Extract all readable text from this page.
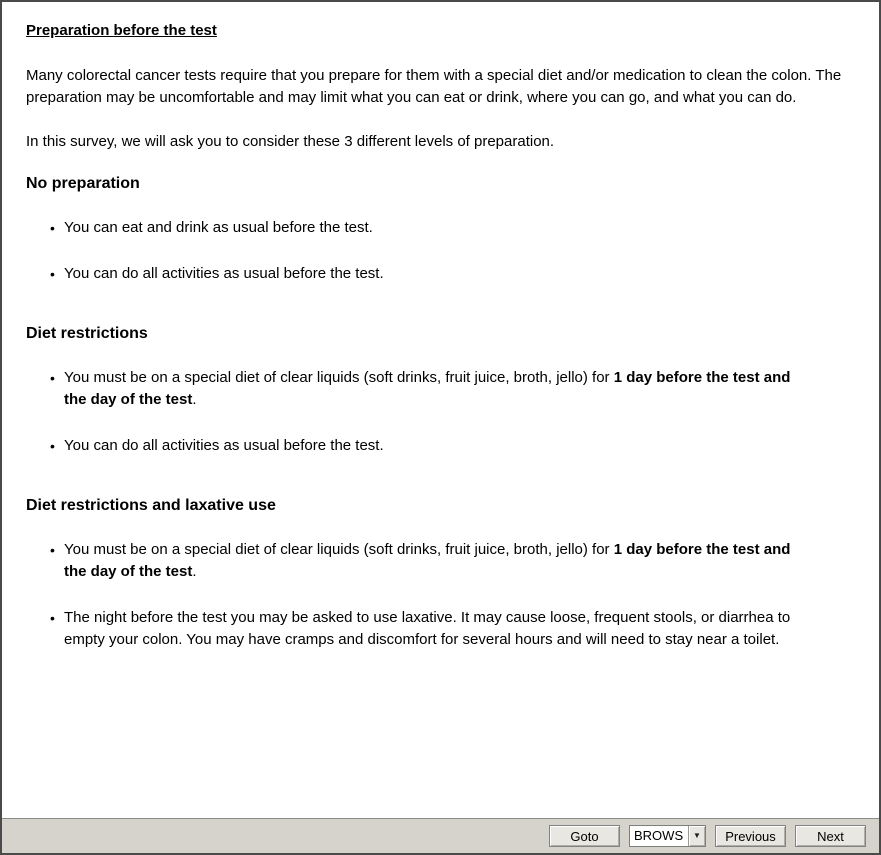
Preparation before the test

Many colorectal cancer tests require that you prepare for them with a special diet and/or medication to clean the colon. The preparation may be uncomfortable and may limit what you can eat or drink, where you can go, and what you can do.

In this survey, we will ask you to consider these 3 different levels of preparation.

No preparation
• You can eat and drink as usual before the test.
• You can do all activities as usual before the test.
Diet restrictions
• You must be on a special diet of clear liquids (soft drinks, fruit juice, broth, jello) for 1 day before the test and the day of the test.
• You can do all activities as usual before the test.
Diet restrictions and laxative use
• You must be on a special diet of clear liquids (soft drinks, fruit juice, broth, jello) for 1 day before the test and the day of the test.
• The night before the test you may be asked to use laxative. It may cause loose, frequent stools, or diarrhea to empty your colon. You may have cramps and discomfort for several hours and will need to stay near a toilet.
Goto	BROWS	▼	Previous	Next
